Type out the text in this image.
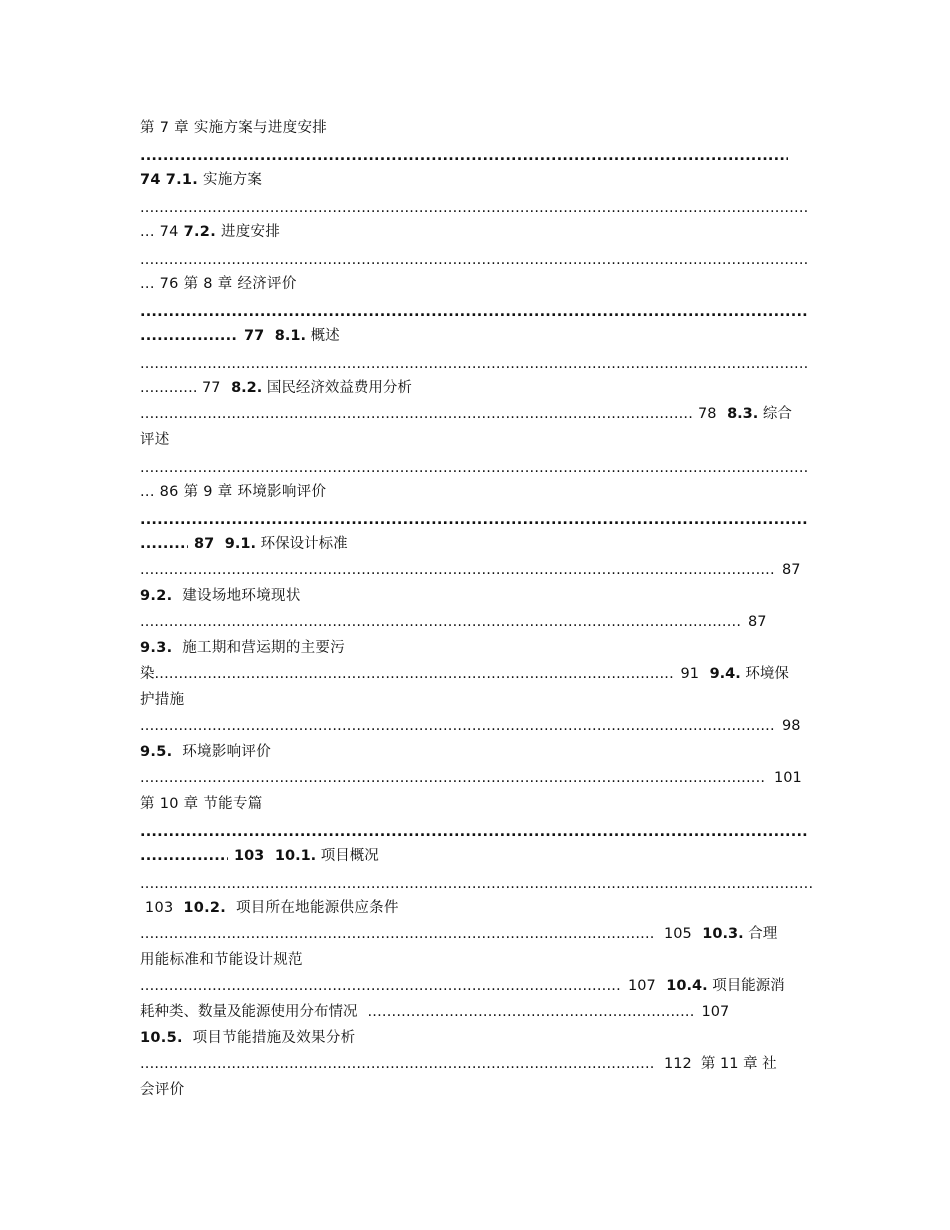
第 7 章 实施方案与进度安排
.....
74 7.1. 实施方案
.....
... 74 7.2. 进度安排
.....
... 76 第 8 章 经济评价
.....
.....
77
8.1.
概述
.....
.....
77
8.2.
国民经济效益费用分析
.....
78
8.3.
综合
评述
.....
... 86 第 9 章 环境影响评价
.....
.....
87
9.1.
环保设计标准
.....
87
9.2. 建设场地环境现状
.....
87
9.3. 施工期和营运期的主要污
染 .....	91
9.4.
环境保
护措施
.....
98
9.5. 环境影响评价
.....
101
第 10 章 节能专篇
.....
.....
103
10.1.
项目概况
.....
103 10.2. 项目所在地能源供应条件
.....
105
10.3.
合理
用能标准和节能设计规范
.....
107
10.4.
项目能源消
耗种类、数量及能源使用分布情况 .....	107
10.5. 项目节能措施及效果分析
.....
112
第 11 章 社
会评价
